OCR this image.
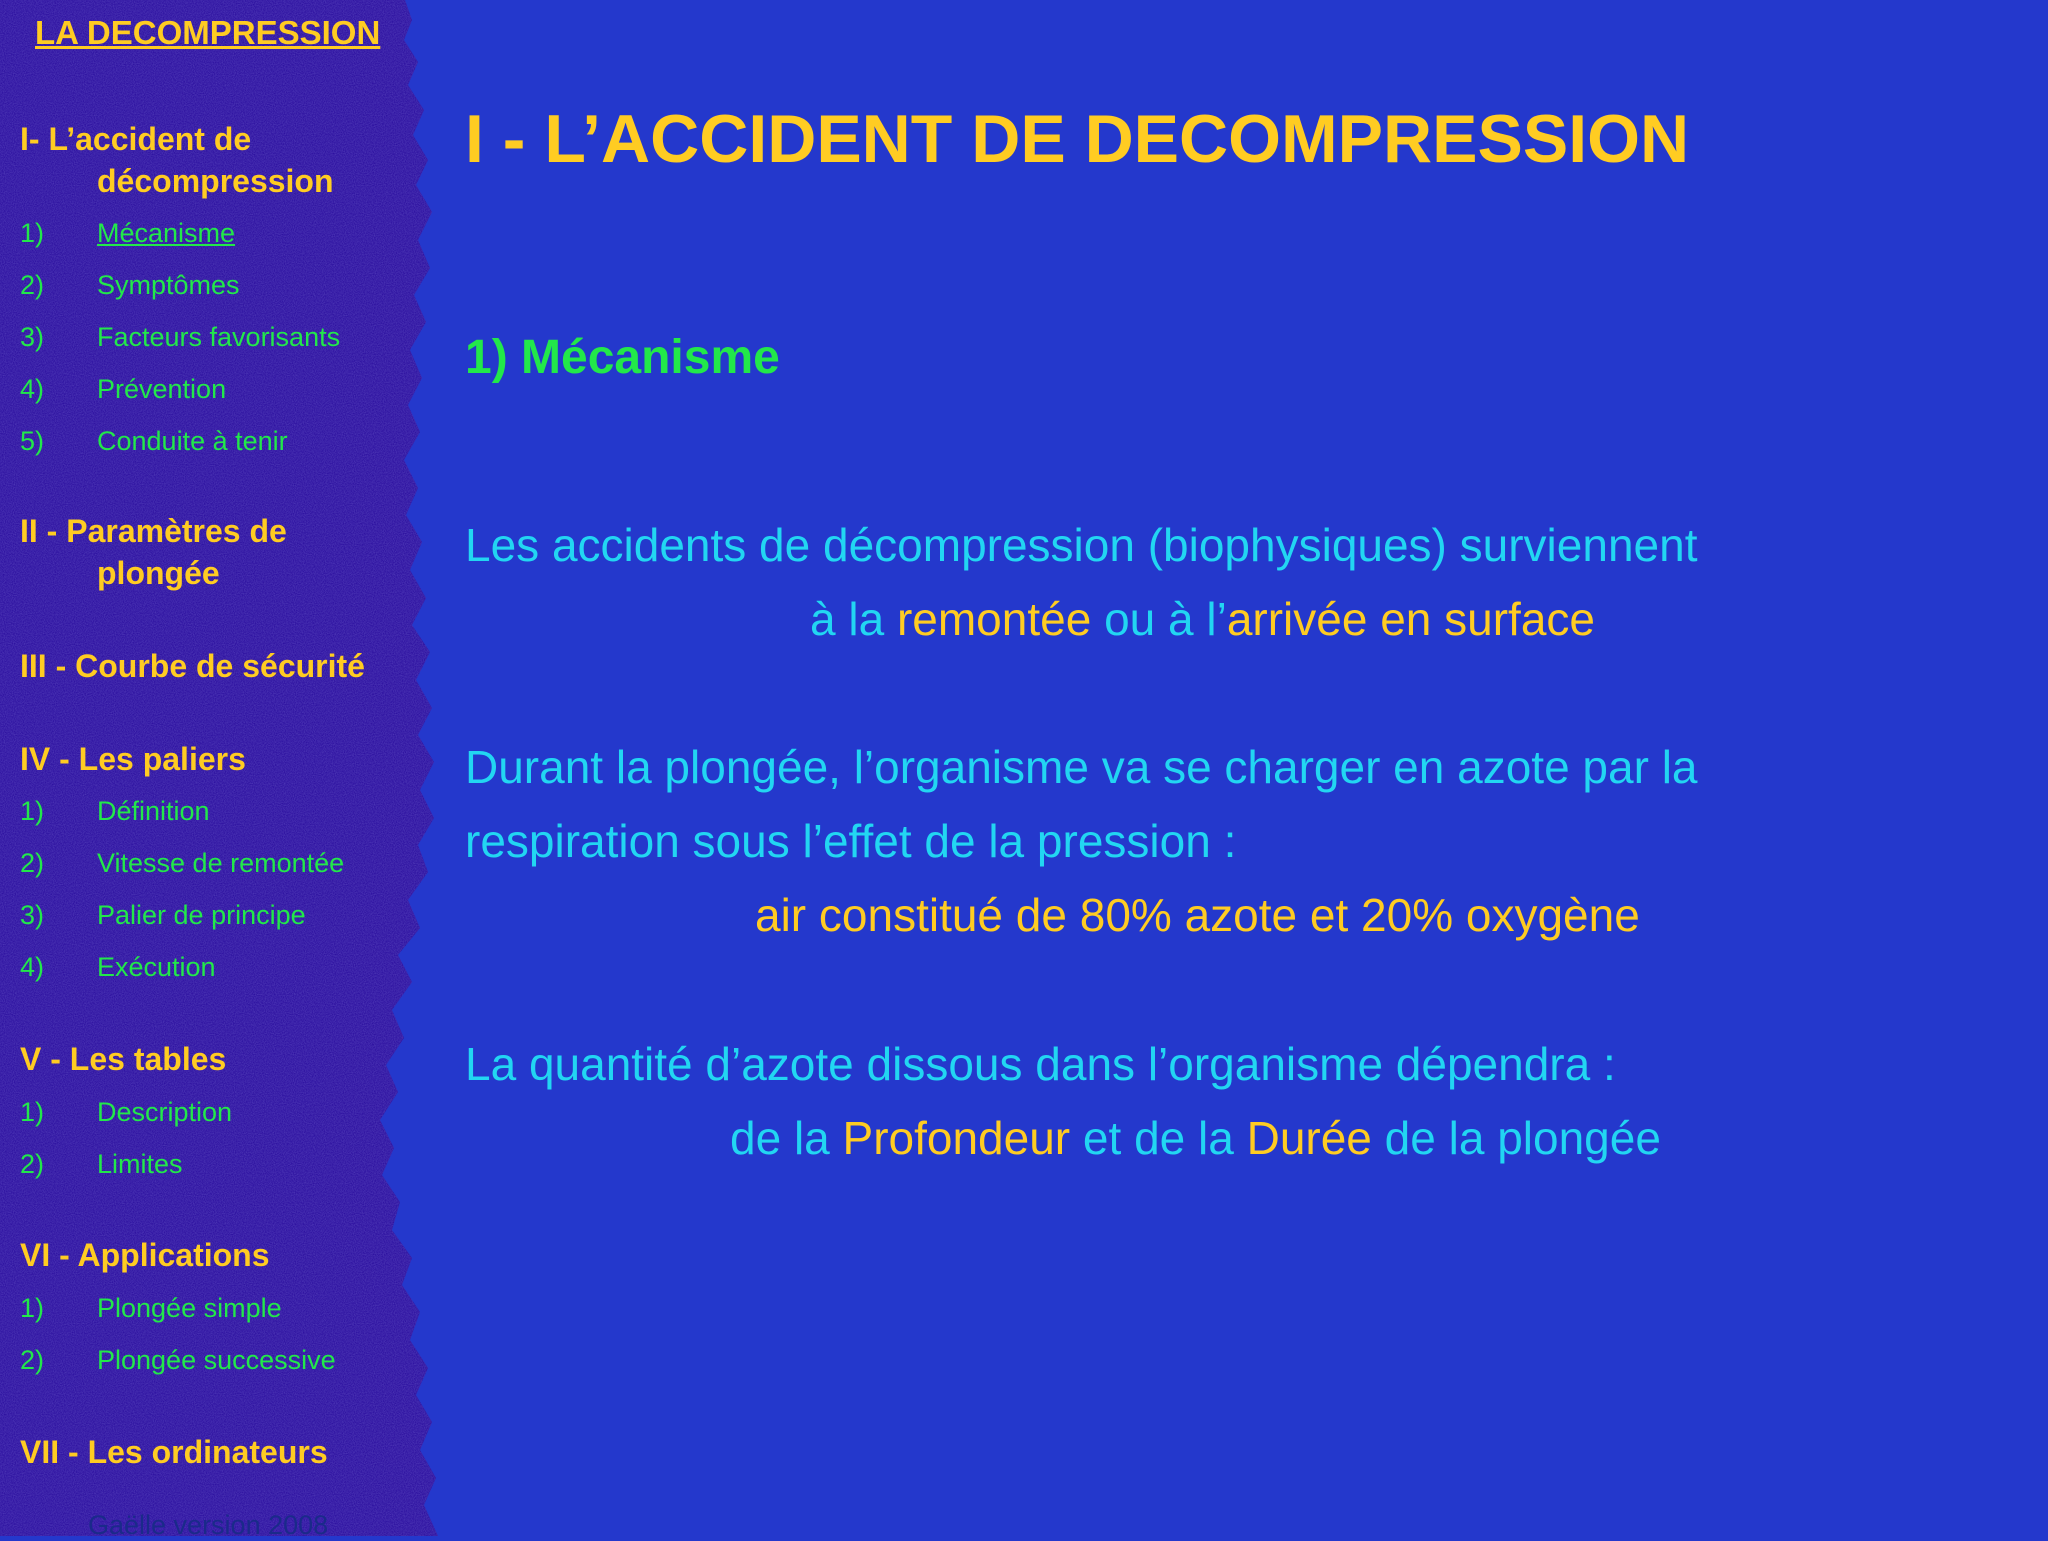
LA DECOMPRESSION
I- L’accident de
décompression
1) Mécanisme
2) Symptômes
3) Facteurs favorisants
4) Prévention
5) Conduite à tenir
II - Paramètres de
plongée
III - Courbe de sécurité
IV - Les paliers
1) Définition
2) Vitesse de remontée
3) Palier de principe
4) Exécution
V - Les tables
1) Description
2) Limites
VI - Applications
1) Plongée simple
2) Plongée successive
VII - Les ordinateurs
Gaëlle version 2008
I - L’ACCIDENT DE DECOMPRESSION
1) Mécanisme
Les accidents de décompression (biophysiques) surviennent
à la remontée ou à l’arrivée en surface
Durant la plongée, l’organisme va se charger en azote par la
respiration sous l’effet de la pression :
air constitué de 80% azote et 20% oxygène
La quantité d’azote dissous dans l’organisme dépendra :
de la Profondeur et de la Durée de la plongée
